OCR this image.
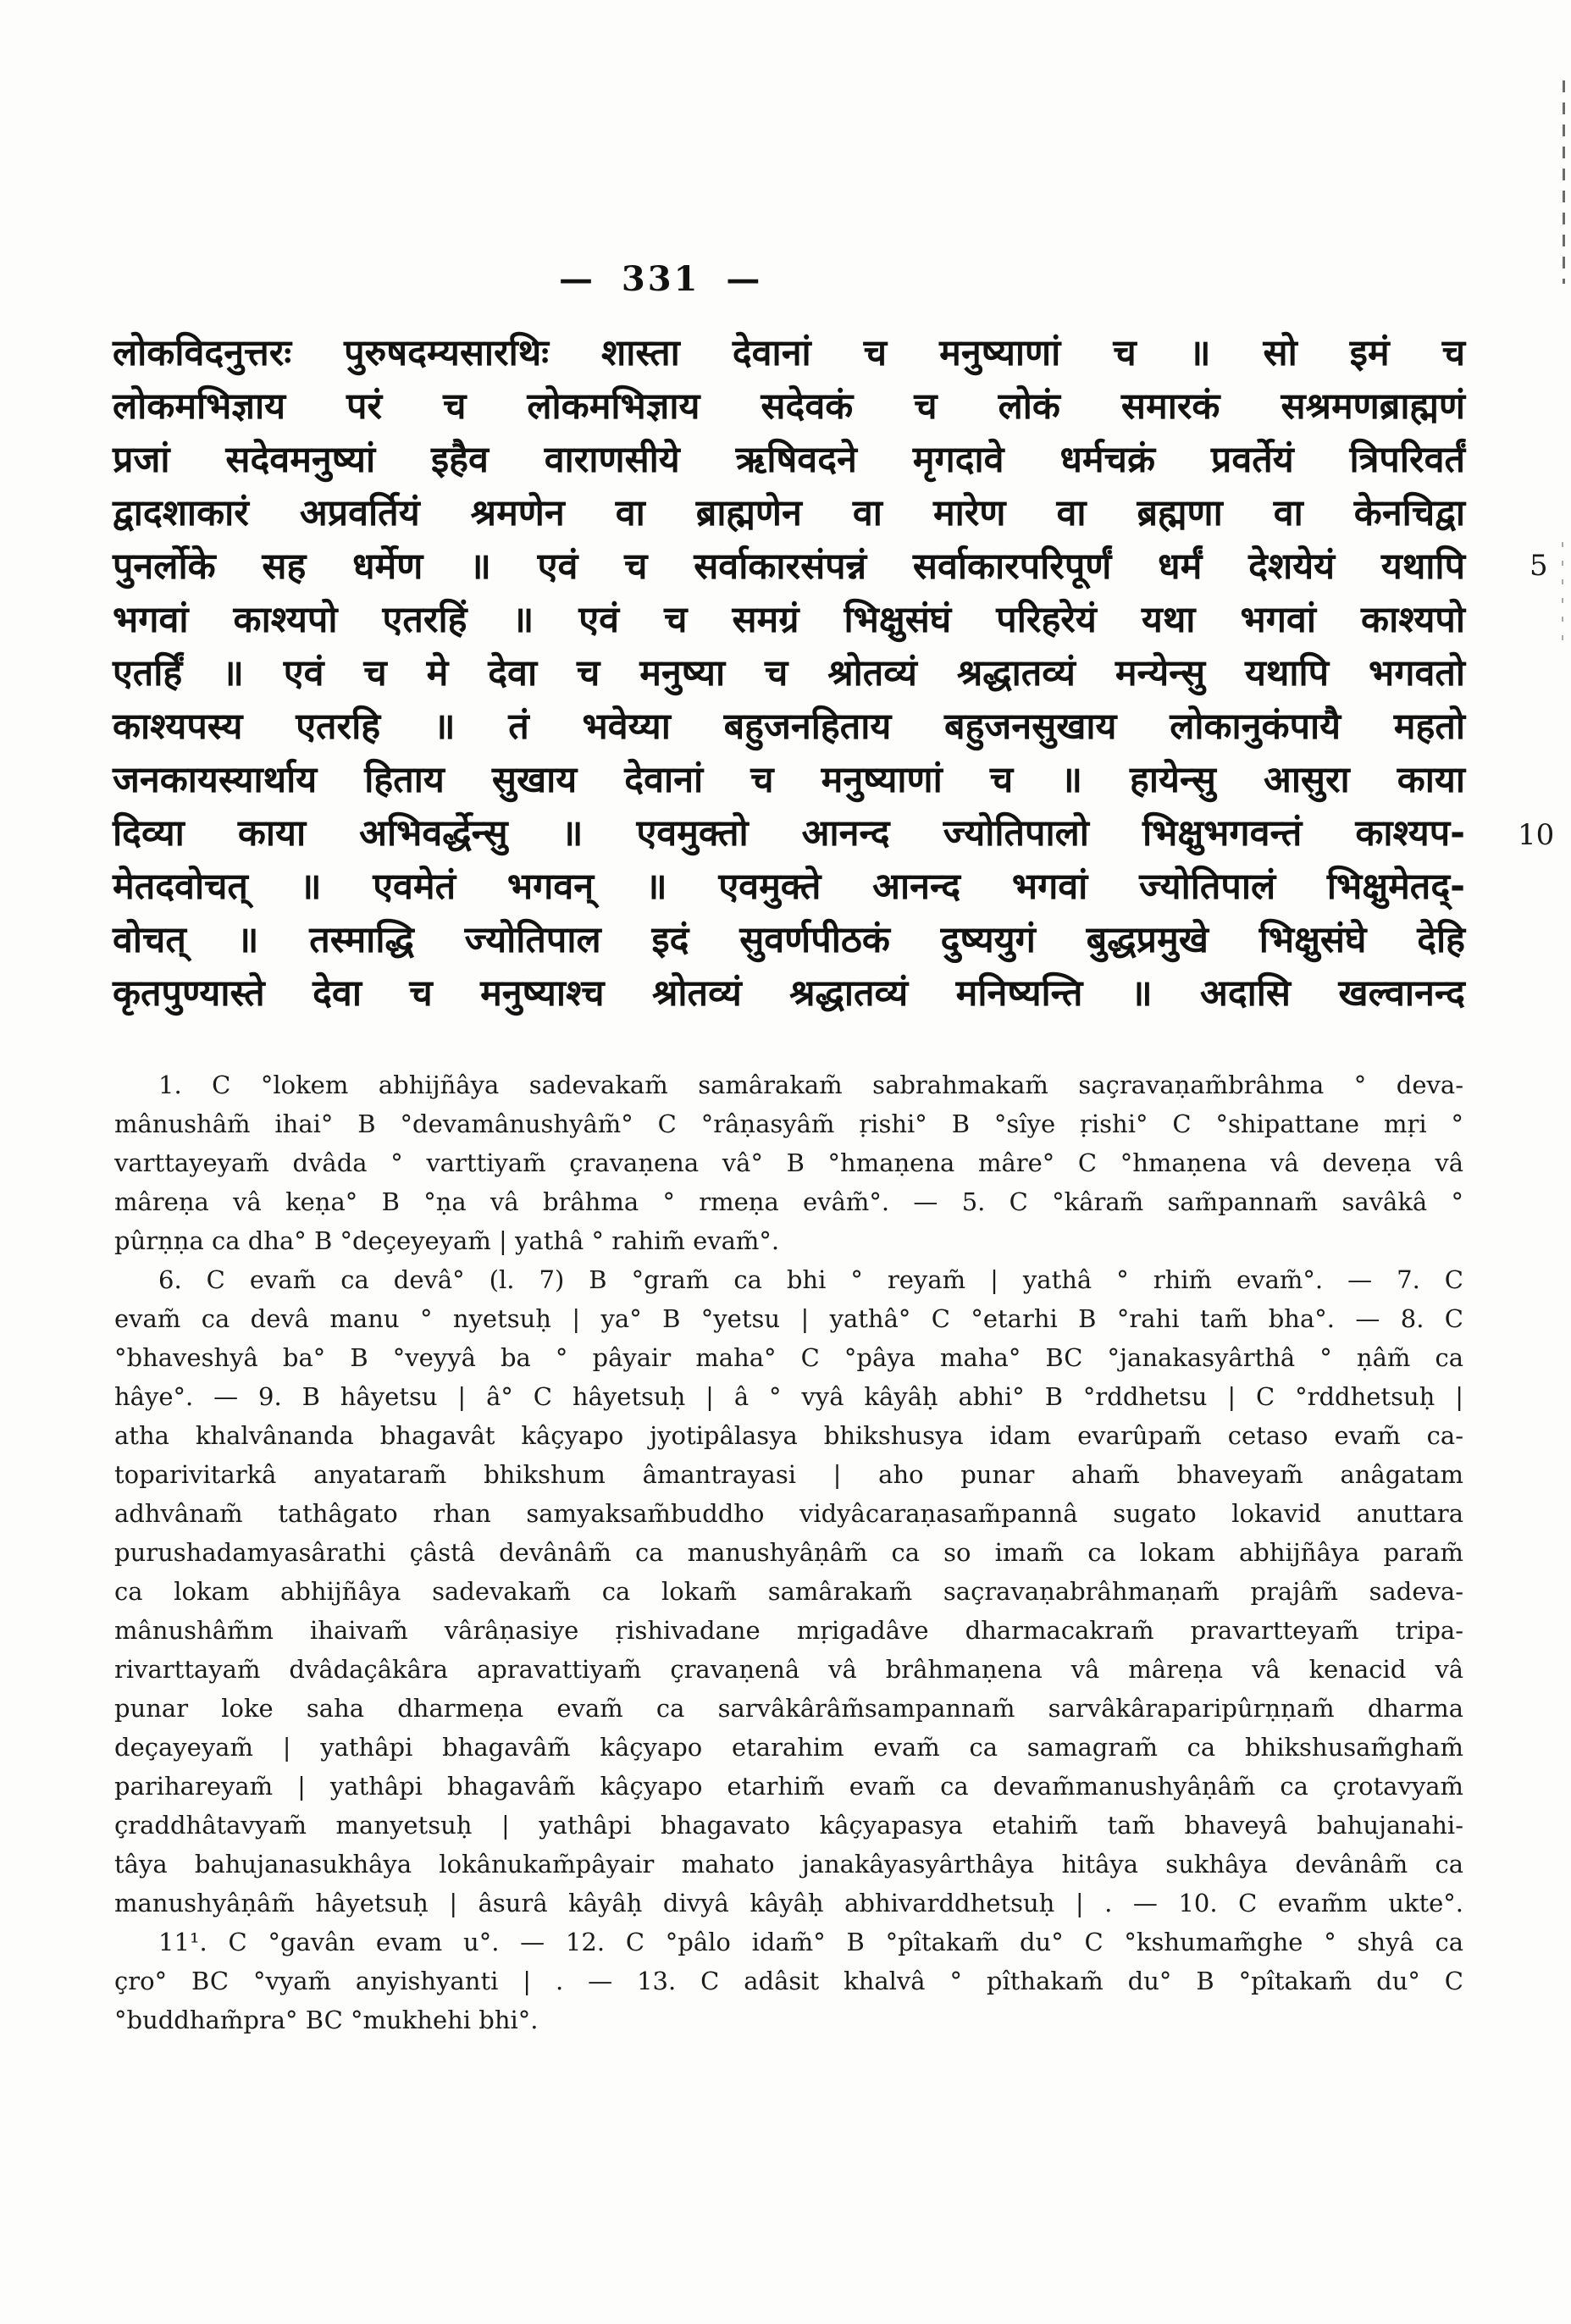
— 331 —
लोकविदनुत्तरः पुरुषदम्यसारथिः शास्ता देवानां च मनुष्याणां च ॥ सो इमं च
लोकमभिज्ञाय परं च लोकमभिज्ञाय सदेवकं च लोकं समारकं सश्रमणब्राह्मणं
प्रजां सदेवमनुष्यां इहैव वाराणसीये ऋषिवदने मृगदावे धर्मचक्रं प्रवर्तेयं त्रिपरिवर्तं
द्वादशाकारं अप्रवर्तियं श्रमणेन वा ब्राह्मणेन वा मारेण वा ब्रह्मणा वा केनचिद्वा
पुनर्लोके सह धर्मेण ॥ एवं च सर्वाकारसंपन्नं सर्वाकारपरिपूर्णं धर्मं देशयेयं यथापि
भगवां काश्यपो एतरहिं ॥ एवं च समग्रं भिक्षुसंघं परिहरेयं यथा भगवां काश्यपो
एतर्हिं ॥ एवं च मे देवा च मनुष्या च श्रोतव्यं श्रद्धातव्यं मन्येन्सु यथापि भगवतो
काश्यपस्य एतरहि ॥ तं भवेय्या बहुजनहिताय बहुजनसुखाय लोकानुकंपायै महतो
जनकायस्यार्थाय हिताय सुखाय देवानां च मनुष्याणां च ॥ हायेन्सु आसुरा काया
दिव्या काया अभिवर्द्धेन्सु ॥ एवमुक्तो आनन्द ज्योतिपालो भिक्षुभगवन्तं काश्यप-
मेतदवोचत् ॥ एवमेतं भगवन् ॥ एवमुक्ते आनन्द भगवां ज्योतिपालं भिक्षुमेतद्-
वोचत् ॥ तस्माद्धि ज्योतिपाल इदं सुवर्णपीठकं दुष्ययुगं बुद्धप्रमुखे भिक्षुसंघे देहि
कृतपुण्यास्ते देवा च मनुष्याश्च श्रोतव्यं श्रद्धातव्यं मनिष्यन्ति ॥ अदासि खल्वानन्द
5
10
1. C °lokem abhijñâya sadevakam̃ samârakam̃ sabrahmakam̃ saçravaṇam̃brâhma ° deva-
mânushâm̃ ihai° B °devamânushyâm̃° C °râṇasyâm̃ ṛishi° B °sîye ṛishi° C °shipattane mṛi °
varttayeyam̃ dvâda ° varttiyam̃ çravaṇena vâ° B °hmaṇena mâre° C °hmaṇena vâ deveṇa vâ
mâreṇa vâ keṇa° B °ṇa vâ brâhma ° rmeṇa evâm̃°. — 5. C °kâram̃ sam̃pannam̃ savâkâ °
pûrṇṇa ca dha° B °deçeyeyam̃ | yathâ ° rahim̃ evam̃°.
6. C evam̃ ca devâ° (l. 7) B °gram̃ ca bhi ° reyam̃ | yathâ ° rhim̃ evam̃°. — 7. C
evam̃ ca devâ manu ° nyetsuḥ | ya° B °yetsu | yathâ° C °etarhi B °rahi tam̃ bha°. — 8. C
°bhaveshyâ ba° B °veyyâ ba ° pâyair maha° C °pâya maha° BC °janakasyârthâ ° ṇâm̃ ca
hâye°. — 9. B hâyetsu | â° C hâyetsuḥ | â ° vyâ kâyâḥ abhi° B °rddhetsu | C °rddhetsuḥ |
atha khalvânanda bhagavât kâçyapo jyotipâlasya bhikshusya idam evarûpam̃ cetaso evam̃ ca-
toparivitarkâ anyataram̃ bhikshum âmantrayasi | aho punar aham̃ bhaveyam̃ anâgatam
adhvânam̃ tathâgato rhan samyaksam̃buddho vidyâcaraṇasam̃pannâ sugato lokavid anuttara
purushadamyasârathi çâstâ devânâm̃ ca manushyâṇâm̃ ca so imam̃ ca lokam abhijñâya param̃
ca lokam abhijñâya sadevakam̃ ca lokam̃ samârakam̃ saçravaṇabrâhmaṇam̃ prajâm̃ sadeva-
mânushâm̃m ihaivam̃ vârâṇasiye ṛishivadane mṛigadâve dharmacakram̃ pravartteyam̃ tripa-
rivarttayam̃ dvâdaçâkâra apravattiyam̃ çravaṇenâ vâ brâhmaṇena vâ mâreṇa vâ kenacid vâ
punar loke saha dharmeṇa evam̃ ca sarvâkârâm̃sampannam̃ sarvâkâraparipûrṇṇam̃ dharma
deçayeyam̃ | yathâpi bhagavâm̃ kâçyapo etarahim evam̃ ca samagram̃ ca bhikshusam̃gham̃
parihareyam̃ | yathâpi bhagavâm̃ kâçyapo etarhim̃ evam̃ ca devam̃manushyâṇâm̃ ca çrotavyam̃
çraddhâtavyam̃ manyetsuḥ | yathâpi bhagavato kâçyapasya etahim̃ tam̃ bhaveyâ bahujanahi-
tâya bahujanasukhâya lokânukam̃pâyair mahato janakâyasyârthâya hitâya sukhâya devânâm̃ ca
manushyâṇâm̃ hâyetsuḥ | âsurâ kâyâḥ divyâ kâyâḥ abhivarddhetsuḥ | . — 10. C evam̃m ukte°.
11¹. C °gavân evam u°. — 12. C °pâlo idam̃° B °pîtakam̃ du° C °kshumam̃ghe ° shyâ ca
çro° BC °vyam̃ anyishyanti | . — 13. C adâsit khalvâ ° pîthakam̃ du° B °pîtakam̃ du° C
°buddham̃pra° BC °mukhehi bhi°.
